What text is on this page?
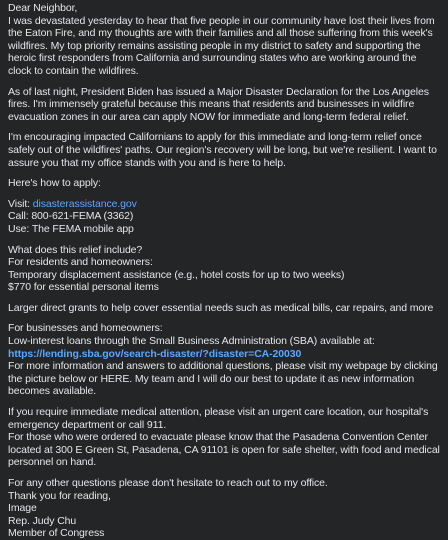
Dear Neighbor,
I was devastated yesterday to hear that five people in our community have lost their lives from the Eaton Fire, and my thoughts are with their families and all those suffering from this week's wildfires. My top priority remains assisting people in my district to safety and supporting the heroic first responders from California and surrounding states who are working around the clock to contain the wildfires.
As of last night, President Biden has issued a Major Disaster Declaration for the Los Angeles fires. I'm immensely grateful because this means that residents and businesses in wildfire evacuation zones in our area can apply NOW for immediate and long-term federal relief.
I'm encouraging impacted Californians to apply for this immediate and long-term relief once safely out of the wildfires' paths. Our region's recovery will be long, but we're resilient. I want to assure you that my office stands with you and is here to help.
Here's how to apply:
Visit: disasterassistance.gov
Call: 800-621-FEMA (3362)
Use: The FEMA mobile app
What does this relief include?
For residents and homeowners:
Temporary displacement assistance (e.g., hotel costs for up to two weeks)
$770 for essential personal items
Larger direct grants to help cover essential needs such as medical bills, car repairs, and more
For businesses and homeowners:
Low-interest loans through the Small Business Administration (SBA) available at:
https://lending.sba.gov/search-disaster/?disaster=CA-20030
For more information and answers to additional questions, please visit my webpage by clicking the picture below or HERE. My team and I will do our best to update it as new information becomes available.
If you require immediate medical attention, please visit an urgent care location, our hospital's emergency department or call 911.
For those who were ordered to evacuate please know that the Pasadena Convention Center located at 300 E Green St, Pasadena, CA 91101 is open for safe shelter, with food and medical personnel on hand.
For any other questions please don't hesitate to reach out to my office.
Thank you for reading,
Image
Rep. Judy Chu
Member of Congress
